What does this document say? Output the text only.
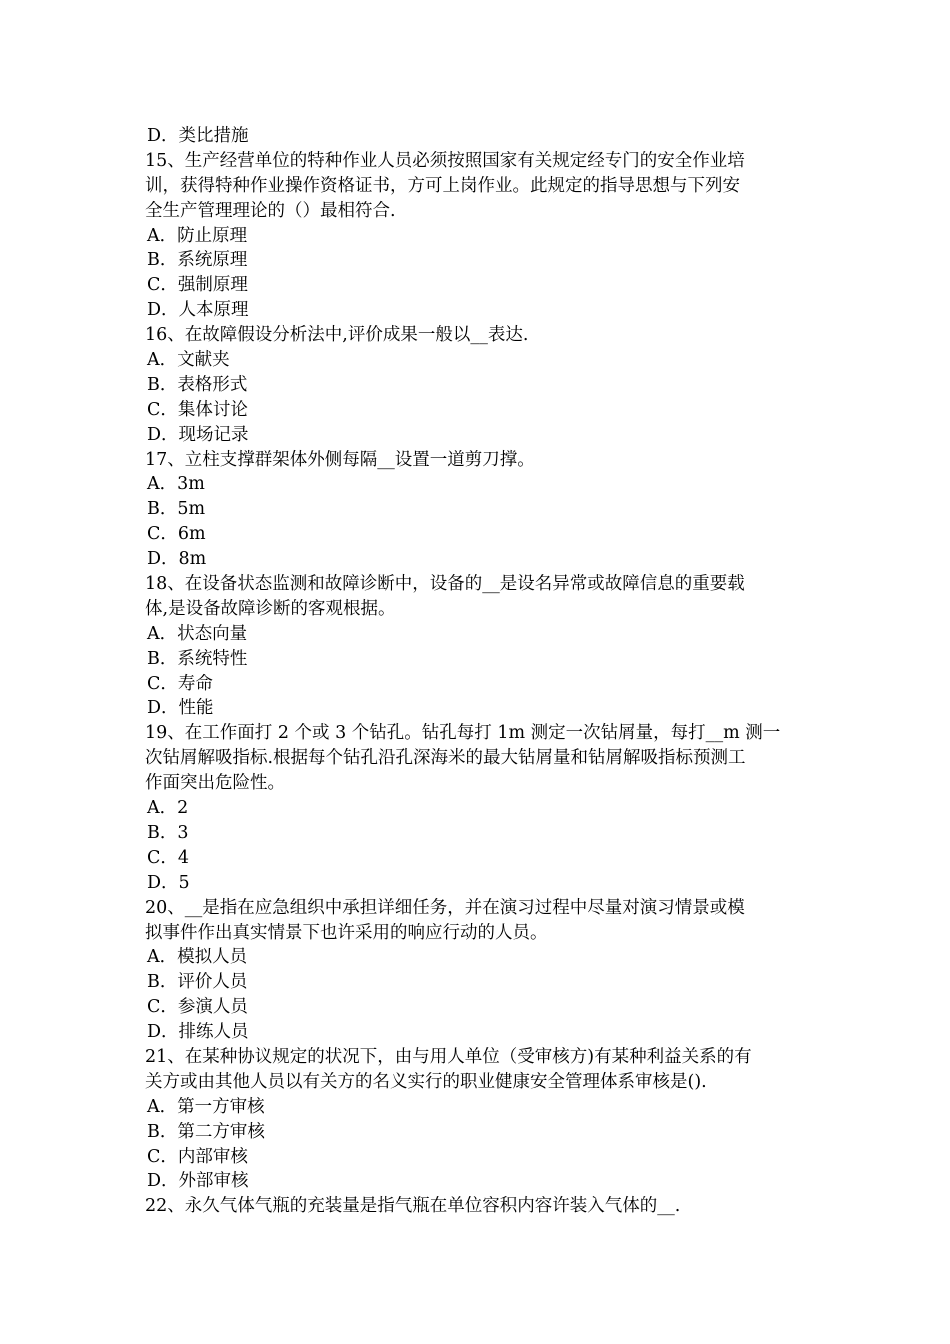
D．类比措施
15、生产经营单位的特种作业人员必须按照国家有关规定经专门的安全作业培
训，获得特种作业操作资格证书，方可上岗作业。此规定的指导思想与下列安
全生产管理理论的（）最相符合.
A．防止原理
B．系统原理
C．强制原理
D．人本原理
16、在故障假设分析法中,评价成果一般以__表达.
A．文献夹
B．表格形式
C．集体讨论
D．现场记录
17、立柱支撑群架体外侧每隔__设置一道剪刀撑。
A．3m
B．5m
C．6m
D．8m
18、在设备状态监测和故障诊断中，设备的__是设名异常或故障信息的重要载
体,是设备故障诊断的客观根据。
A．状态向量
B．系统特性
C．寿命
D．性能
19、在工作面打 2 个或 3 个钻孔。钻孔每打 1m 测定一次钻屑量，每打__m 测一
次钻屑解吸指标.根据每个钻孔沿孔深海米的最大钻屑量和钻屑解吸指标预测工
作面突出危险性。
A．2
B．3
C．4
D．5
20、__是指在应急组织中承担详细任务，并在演习过程中尽量对演习情景或模
拟事件作出真实情景下也许采用的响应行动的人员。
A．模拟人员
B．评价人员
C．参演人员
D．排练人员
21、在某种协议规定的状况下，由与用人单位（受审核方)有某种利益关系的有
关方或由其他人员以有关方的名义实行的职业健康安全管理体系审核是().
A．第一方审核
B．第二方审核
C．内部审核
D．外部审核
22、永久气体气瓶的充装量是指气瓶在单位容积内容许装入气体的__.
